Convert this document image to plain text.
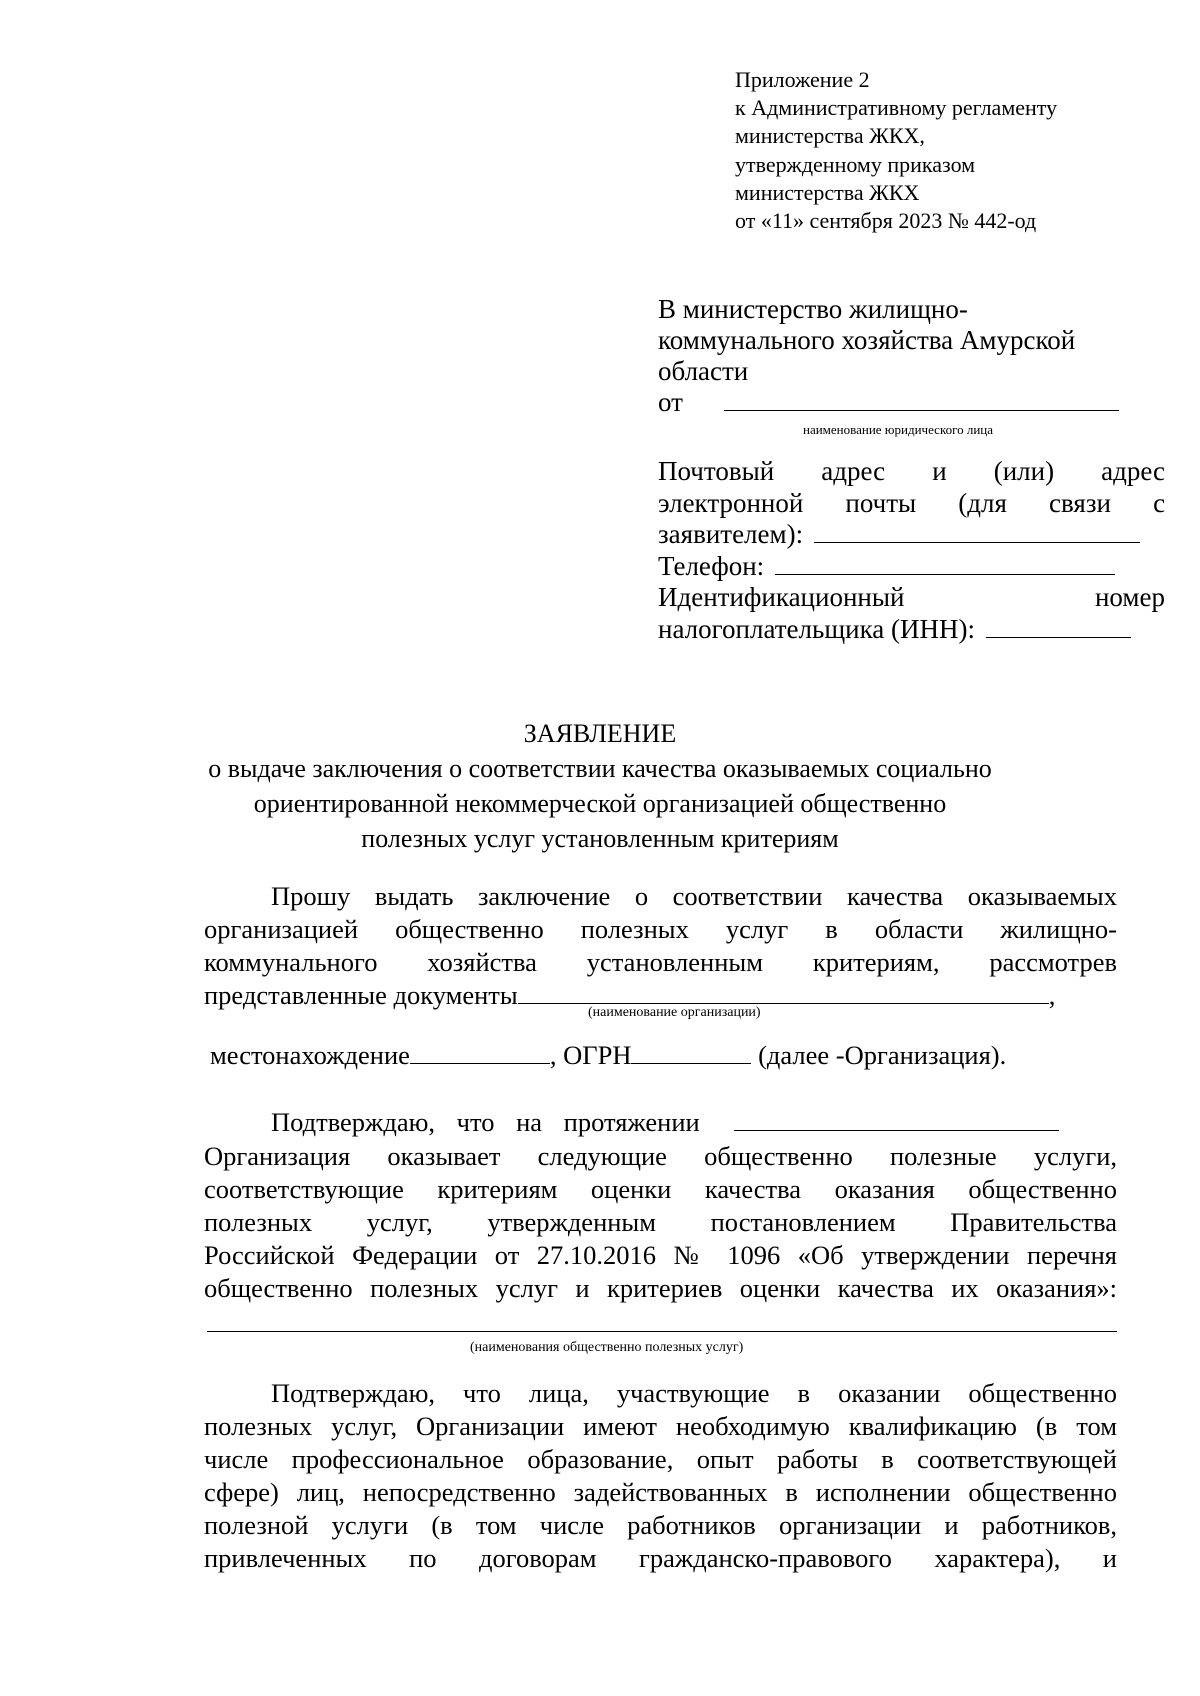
Приложение 2
к Административному регламенту
министерства ЖКХ,
утвержденному приказом
министерства ЖКХ
от «11» сентября 2023 № 442-од
В министерство жилищно-
коммунального хозяйства Амурской
области
от
наименование юридического лица
Почтовый адрес и (или) адрес
электронной почты (для связи с
заявителем):
Телефон:
Идентификационный	номер
налогоплательщика (ИНН):
ЗАЯВЛЕНИЕ
о выдаче заключения о соответствии качества оказываемых социально
ориентированной некоммерческой организацией общественно
полезных услуг установленным критериям
Прошу выдать заключение о соответствии качества оказываемых
организацией общественно полезных услуг в области жилищно-
коммунального хозяйства установленным критериям, рассмотрев
представленные документы	,
(наименование организации)
местонахождение	, ОГРН	(далее -Организация).
Подтверждаю, что на протяжении
Организация оказывает следующие общественно полезные услуги,
соответствующие критериям оценки качества оказания общественно
полезных услуг, утвержденным постановлением Правительства
Российской Федерации от 27.10.2016 № 1096 «Об утверждении перечня
общественно полезных услуг и критериев оценки качества их оказания»:
(наименования общественно полезных услуг)
Подтверждаю, что лица, участвующие в оказании общественно
полезных услуг, Организации имеют необходимую квалификацию (в том
числе профессиональное образование, опыт работы в соответствующей
сфере) лиц, непосредственно задействованных в исполнении общественно
полезной услуги (в том числе работников организации и работников,
привлеченных по договорам гражданско-правового характера), и
